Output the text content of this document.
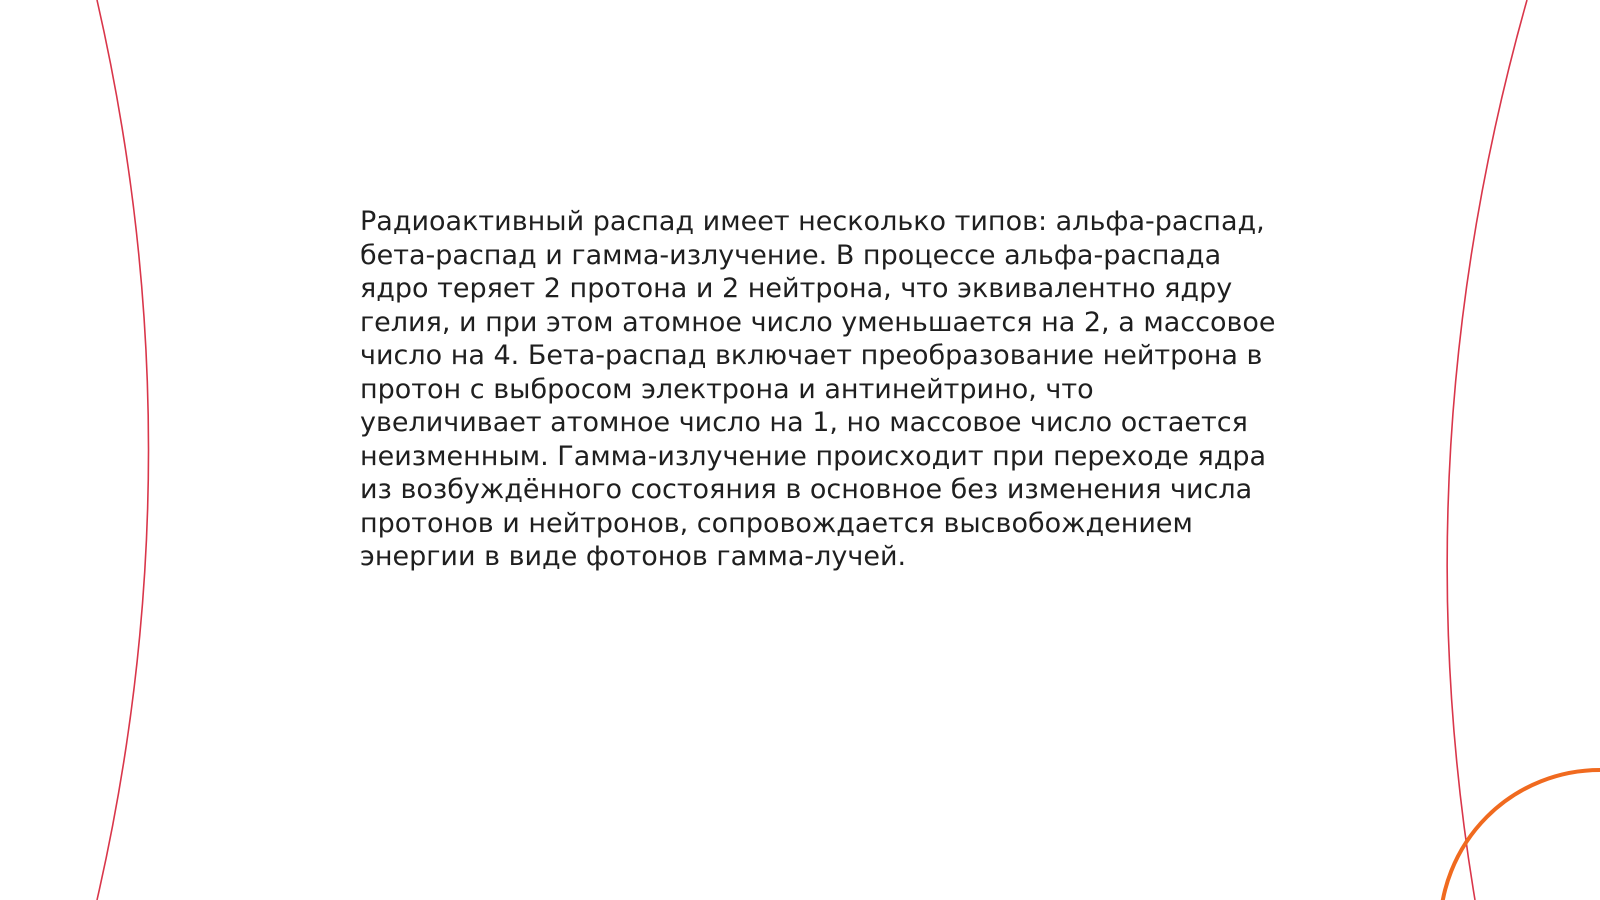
Радиоактивный распад имеет несколько типов: альфа-распад,
бета-распад и гамма-излучение. В процессе альфа-распада
ядро теряет 2 протона и 2 нейтрона, что эквивалентно ядру
гелия, и при этом атомное число уменьшается на 2, а массовое
число на 4. Бета-распад включает преобразование нейтрона в
протон с выбросом электрона и антинейтрино, что
увеличивает атомное число на 1, но массовое число остается
неизменным. Гамма-излучение происходит при переходе ядра
из возбуждённого состояния в основное без изменения числа
протонов и нейтронов, сопровождается высвобождением
энергии в виде фотонов гамма-лучей.
